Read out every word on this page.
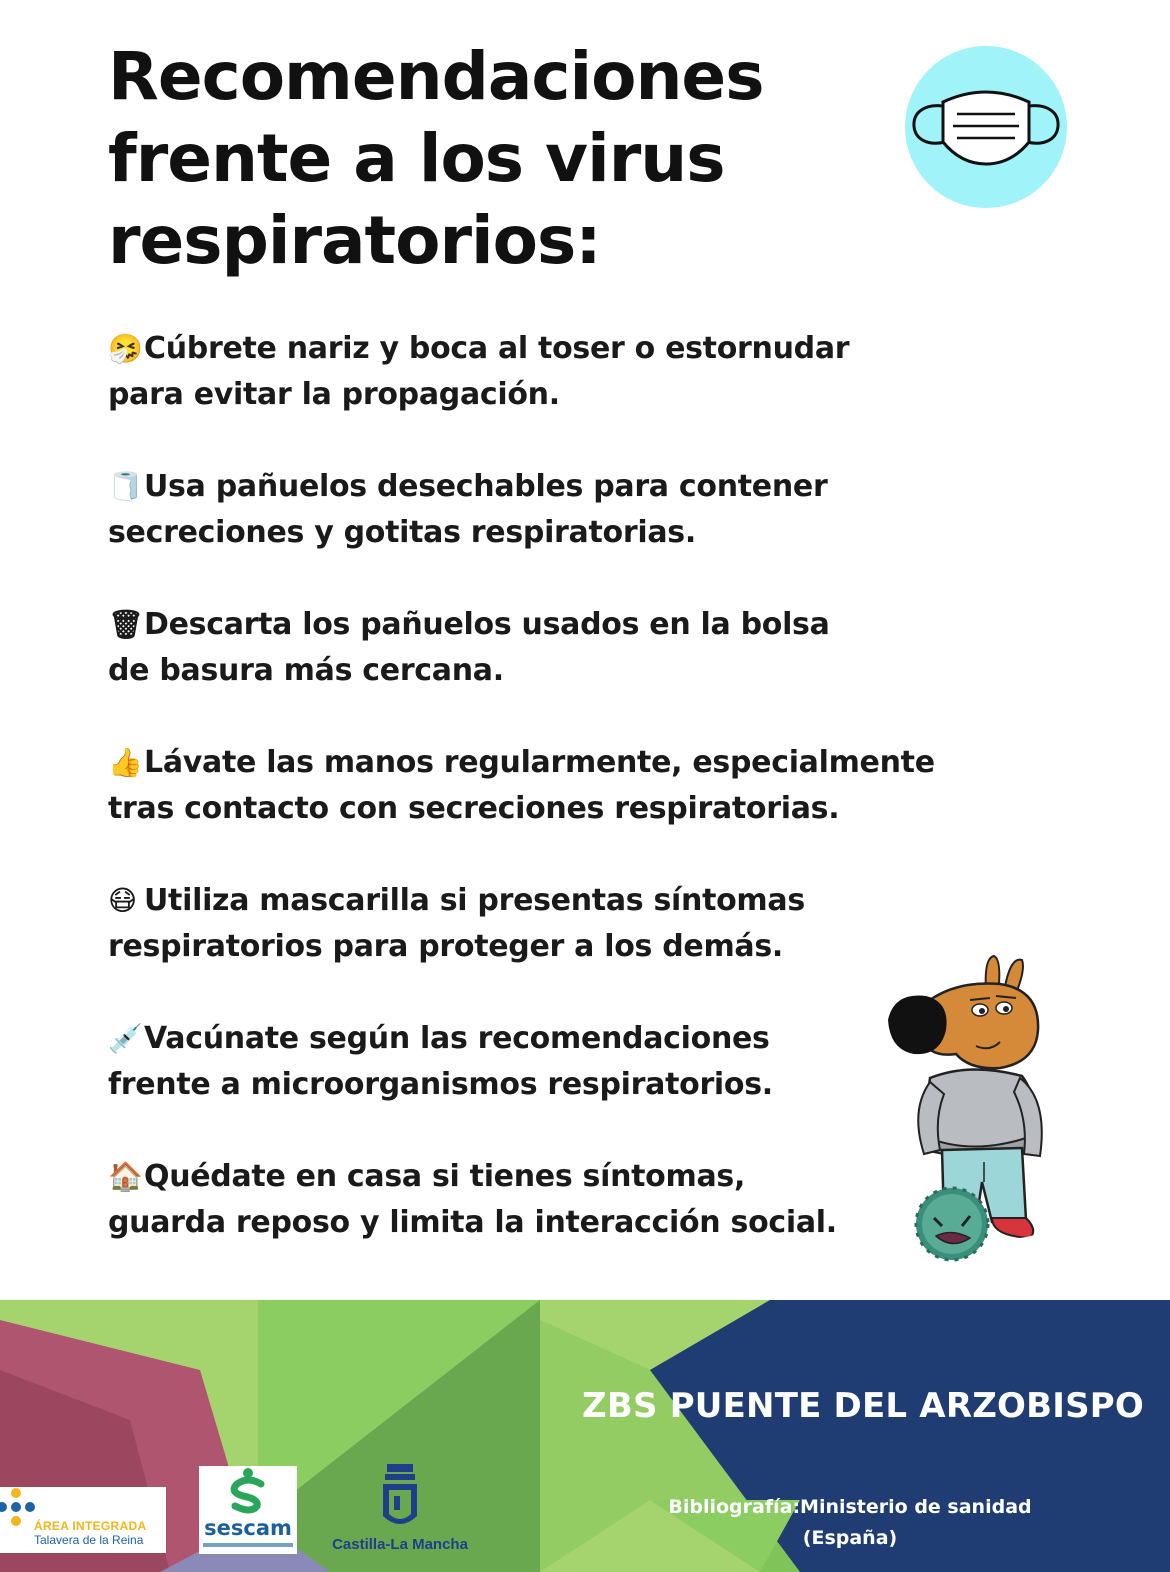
Recomendaciones
frente a los virus
respiratorios:
🤧Cúbrete nariz y boca al toser o estornudar
para evitar la propagación.
🧻Usa pañuelos desechables para contener
secreciones y gotitas respiratorias.
🗑Descarta los pañuelos usados en la bolsa
de basura más cercana.
👍Lávate las manos regularmente, especialmente
tras contacto con secreciones respiratorias.
😷 Utiliza mascarilla si presentas síntomas
respiratorios para proteger a los demás.
💉Vacúnate según las recomendaciones
frente a microorganismos respiratorios.
🏠Quédate en casa si tienes síntomas,
guarda reposo y limita la interacción social.
ZBS PUENTE DEL ARZOBISPO
Bibliografía:Ministerio de sanidad
(España)
ÁREA INTEGRADA
Talavera de la Reina	sescam
Castilla-La Mancha
